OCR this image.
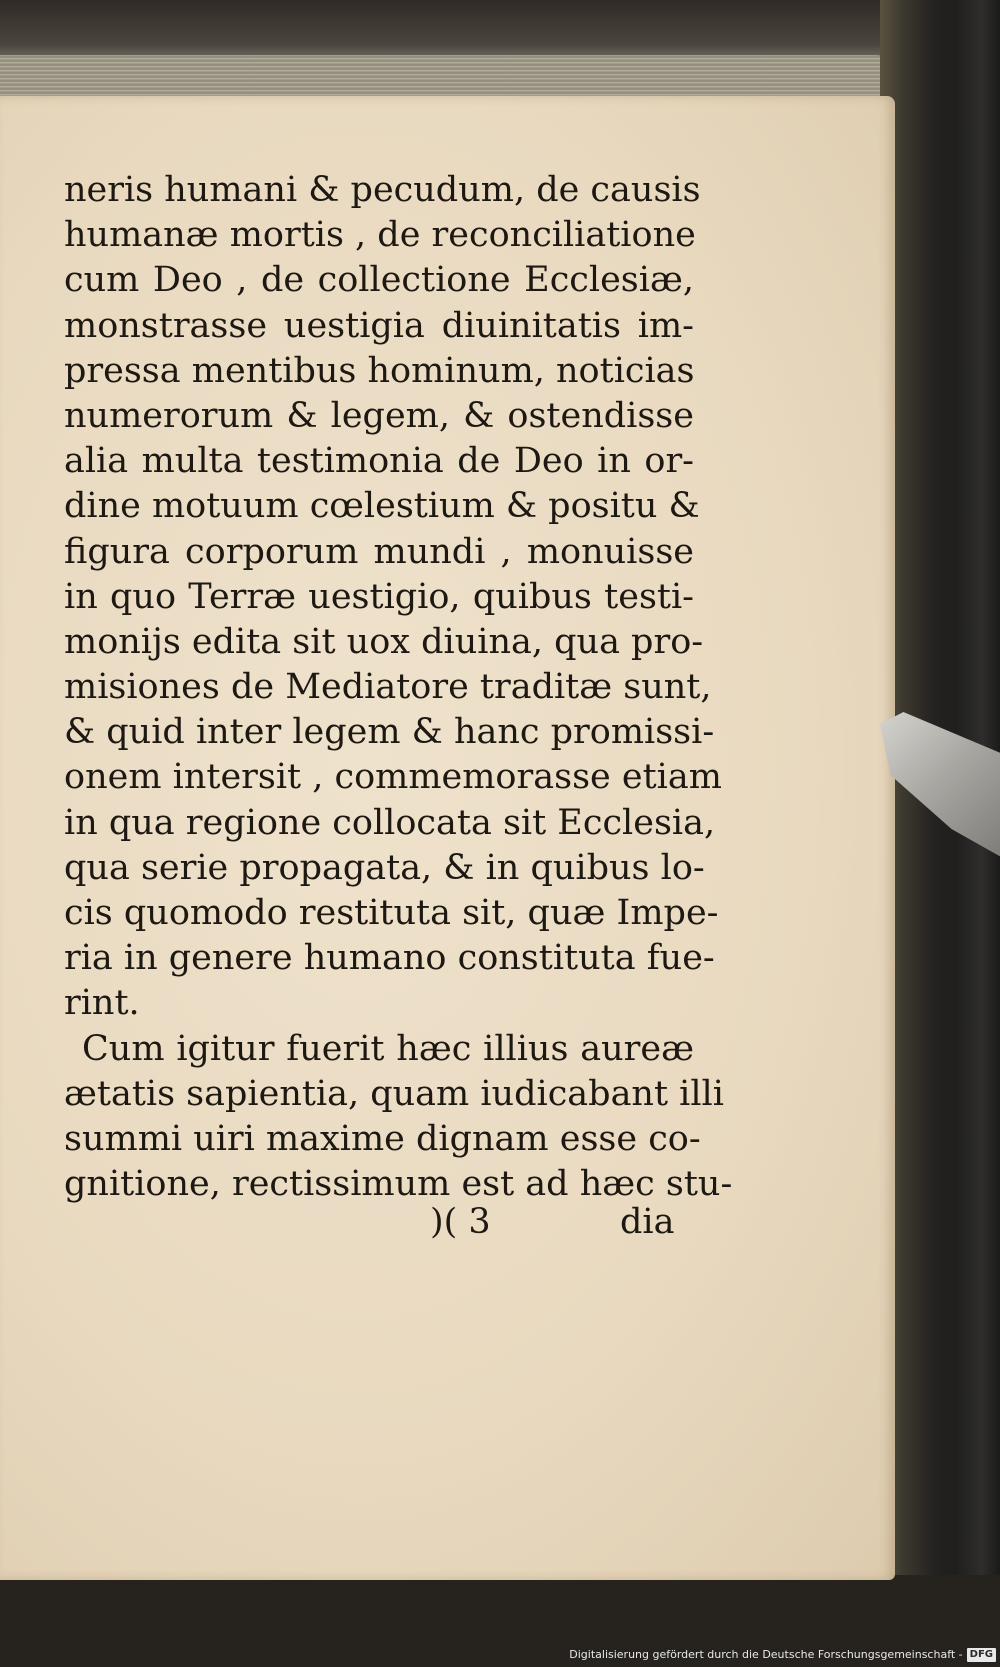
neris humani & pecudum, de causis
humanæ mortis , de reconciliatione
cum Deo , de collectione Ecclesiæ,
monstrasse uestigia diuinitatis im-
pressa mentibus hominum, noticias
numerorum & legem, & ostendisse
alia multa testimonia de Deo in or-
dine motuum cœlestium & positu &
figura corporum mundi , monuisse
in quo Terræ uestigio, quibus testi-
monijs edita sit uox diuina, qua pro-
misiones de Mediatore traditæ sunt,
& quid inter legem & hanc promissi-
onem intersit , commemorasse etiam
in qua regione collocata sit Ecclesia,
qua serie propagata, & in quibus lo-
cis quomodo restituta sit, quæ Impe-
ria in genere humano constituta fue-
rint.
Cum igitur fuerit hæc illius aureæ
ætatis sapientia, quam iudicabant illi
summi uiri maxime dignam esse co-
gnitione, rectissimum est ad hæc stu-
)( 3	dia
Digitalisierung gefördert durch die Deutsche Forschungsgemeinschaft - DFG
